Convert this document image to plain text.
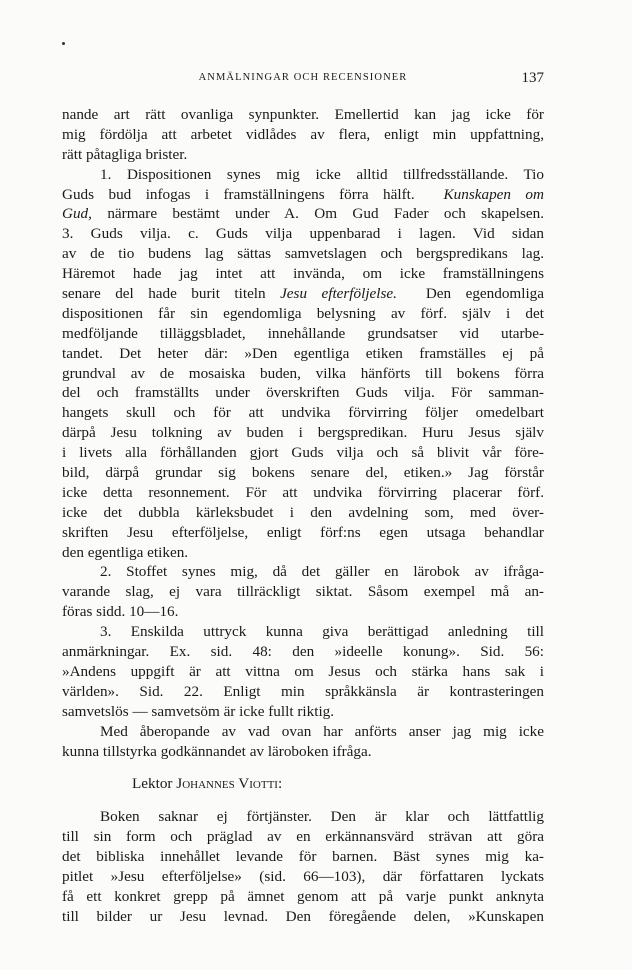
ANMÄLNINGAR OCH RECENSIONER	137
nande art rätt ovanliga synpunkter. Emellertid kan jag icke för
mig fördölja att arbetet vidlådes av flera, enligt min uppfattning,
rätt påtagliga brister.
1. Dispositionen synes mig icke alltid tillfredsställande. Tio
Guds bud infogas i framställningens förra hälft. Kunskapen om
Gud, närmare bestämt under A. Om Gud Fader och skapelsen.
3. Guds vilja. c. Guds vilja uppenbarad i lagen. Vid sidan
av de tio budens lag sättas samvetslagen och bergspredikans lag.
Häremot hade jag intet att invända, om icke framställningens
senare del hade burit titeln Jesu efterföljelse. Den egendomliga
dispositionen får sin egendomliga belysning av förf. själv i det
medföljande tilläggsbladet, innehållande grundsatser vid utarbe-
tandet. Det heter där: »Den egentliga etiken framställes ej på
grundval av de mosaiska buden, vilka hänförts till bokens förra
del och framställts under överskriften Guds vilja. För samman-
hangets skull och för att undvika förvirring följer omedelbart
därpå Jesu tolkning av buden i bergspredikan. Huru Jesus själv
i livets alla förhållanden gjort Guds vilja och så blivit vår före-
bild, därpå grundar sig bokens senare del, etiken.» Jag förstår
icke detta resonnement. För att undvika förvirring placerar förf.
icke det dubbla kärleksbudet i den avdelning som, med över-
skriften Jesu efterföljelse, enligt förf:ns egen utsaga behandlar
den egentliga etiken.
2. Stoffet synes mig, då det gäller en lärobok av ifråga-
varande slag, ej vara tillräckligt siktat. Såsom exempel må an-
föras sidd. 10—16.
3. Enskilda uttryck kunna giva berättigad anledning till
anmärkningar. Ex. sid. 48: den »ideelle konung». Sid. 56:
»Andens uppgift är att vittna om Jesus och stärka hans sak i
världen». Sid. 22. Enligt min språkkänsla är kontrasteringen
samvetslös — samvetsöm är icke fullt riktig.
Med åberopande av vad ovan har anförts anser jag mig icke
kunna tillstyrka godkännandet av läroboken ifråga.
Lektor Johannes Viotti:
Boken saknar ej förtjänster. Den är klar och lättfattlig
till sin form och präglad av en erkännansvärd strävan att göra
det bibliska innehållet levande för barnen. Bäst synes mig ka-
pitlet »Jesu efterföljelse» (sid. 66—103), där författaren lyckats
få ett konkret grepp på ämnet genom att på varje punkt anknyta
till bilder ur Jesu levnad. Den föregående delen, »Kunskapen
